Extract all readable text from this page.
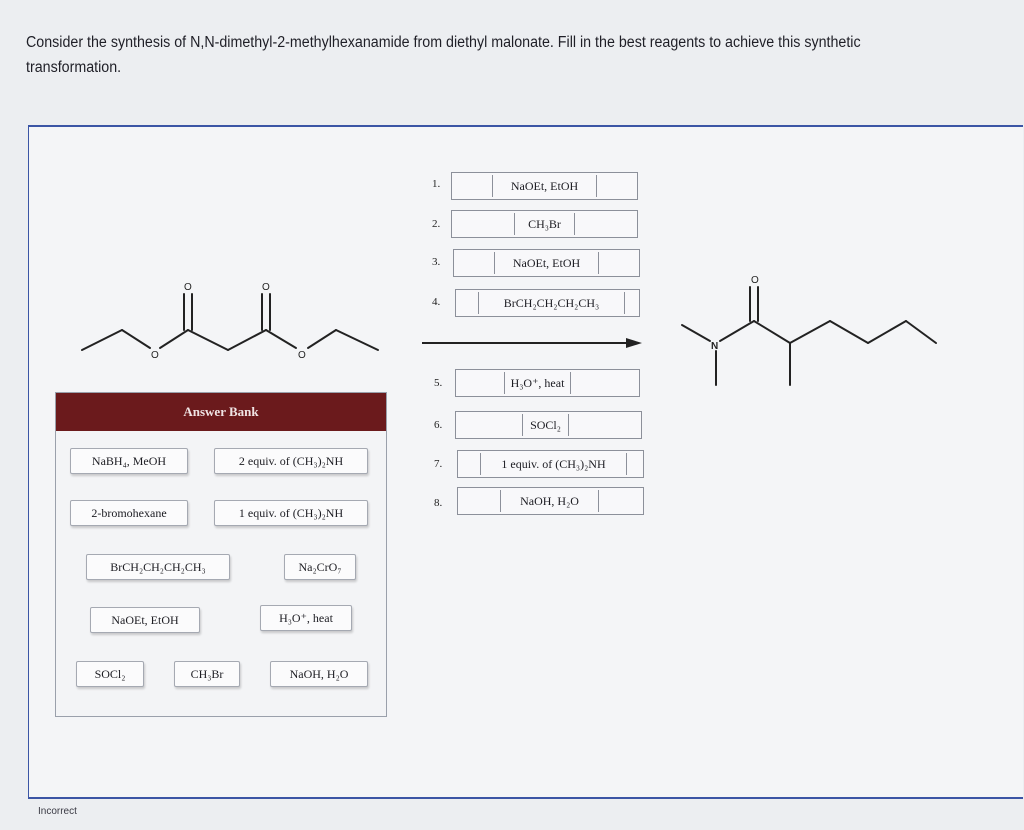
Consider the synthesis of N,N-dimethyl-2-methylhexanamide from diethyl malonate. Fill in the best reagents to achieve this synthetic transformation.
O	O
O	O
O
N
1.	NaOEt, EtOH
2.	CH₃Br
3.	NaOEt, EtOH
4.	BrCH₂CH₂CH₂CH₃
5.	H₃O⁺, heat
6.	SOCl₂
7.	1 equiv. of (CH₃)₂NH
8.	NaOH, H₂O
Answer Bank
NaBH₄, MeOH	2 equiv. of (CH₃)₂NH
2-bromohexane	1 equiv. of (CH₃)₂NH
BrCH₂CH₂CH₂CH₃	Na₂CrO₇
NaOEt, EtOH	H₃O⁺, heat
SOCl₂	CH₃Br	NaOH, H₂O
Incorrect
